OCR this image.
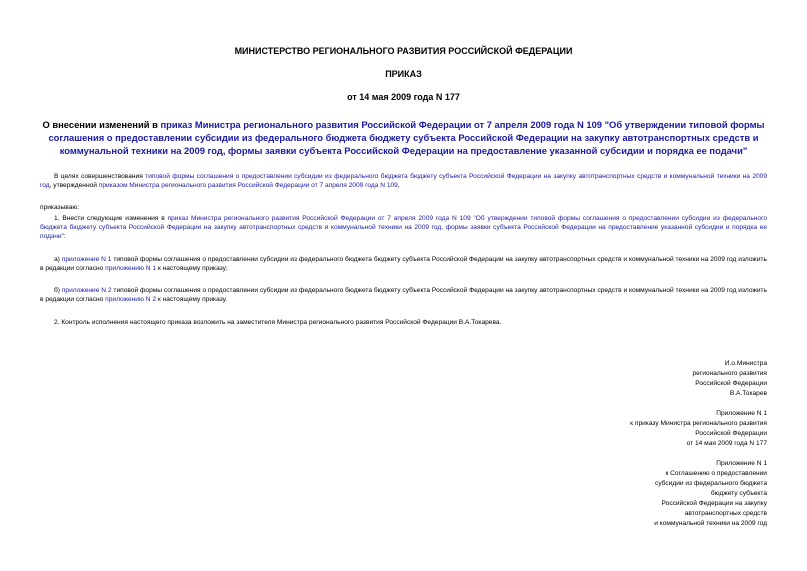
МИНИСТЕРСТВО РЕГИОНАЛЬНОГО РАЗВИТИЯ РОССИЙСКОЙ ФЕДЕРАЦИИ
ПРИКАЗ
от 14 мая 2009 года N 177
О внесении изменений в приказ Министра регионального развития Российской Федерации от 7 апреля 2009 года N 109 "Об утверждении типовой формы соглашения о предоставлении субсидии из федерального бюджета бюджету субъекта Российской Федерации на закупку автотранспортных средств и коммунальной техники на 2009 год, формы заявки субъекта Российской Федерации на предоставление указанной субсидии и порядка ее подачи"
В целях совершенствования типовой формы соглашения о предоставлении субсидии из федерального бюджета бюджету субъекта Российской Федерации на закупку автотранспортных средств и коммунальной техники на 2009 год, утвержденной приказом Министра регионального развития Российской Федерации от 7 апреля 2009 года N 109,
приказываю:
1. Внести следующие изменения в приказ Министра регионального развития Российской Федерации от 7 апреля 2009 года N 109 "Об утверждении типовой формы соглашения о предоставлении субсидии из федерального бюджета бюджету субъекта Российской Федерации на закупку автотранспортных средств и коммунальной техники на 2009 год, формы заявки субъекта Российской Федерации на предоставление указанной субсидии и порядка ее подачи":
а) приложение N 1 типовой формы соглашения о предоставлении субсидии из федерального бюджета бюджету субъекта Российской Федерации на закупку автотранспортных средств и коммунальной техники на 2009 год изложить в редакции согласно приложению N 1 к настоящему приказу;
б) приложение N 2 типовой формы соглашения о предоставлении субсидии из федерального бюджета бюджету субъекта Российской Федерации на закупку автотранспортных средств и коммунальной техники на 2009 год изложить в редакции согласно приложению N 2 к настоящему приказу.
2. Контроль исполнения настоящего приказа возложить на заместителя Министра регионального развития Российской Федерации В.А.Токарева.
И.о.Министра
регионального развития
Российской Федерации
В.А.Токарев
Приложение N 1
к приказу Министра регионального развития
Российской Федерации
от 14 мая 2009 года N 177
Приложение N 1
к Соглашению о предоставлении
субсидии из федерального бюджета
бюджету субъекта
Российской Федерации на закупку
автотранспортных средств
и коммунальной техники на 2009 год
